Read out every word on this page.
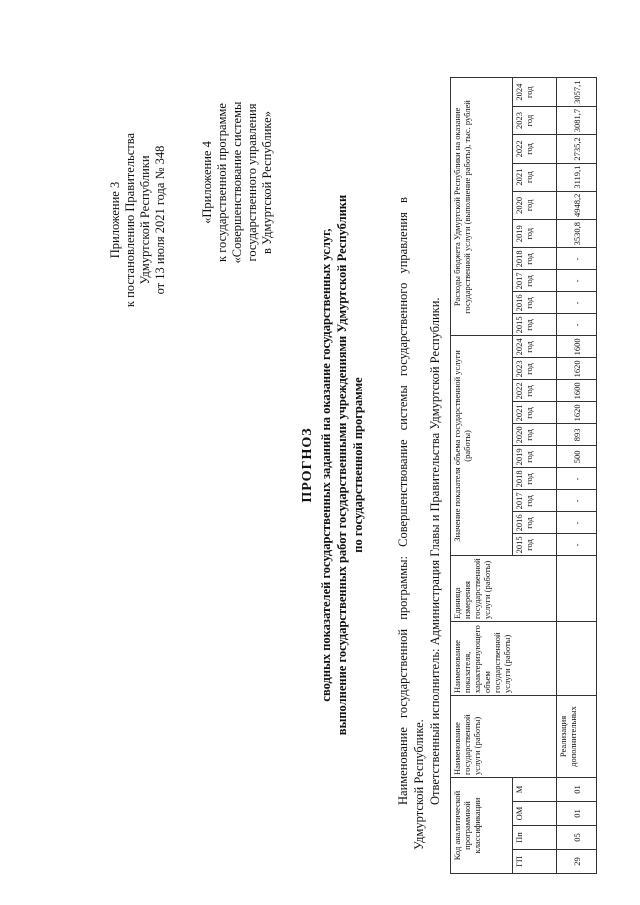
Приложение 3 к постановлению Правительства Удмуртской Республики от 13 июля 2021 года № 348	«Приложение 4 к государственной программе «Совершенствование системы государственного управления в Удмуртской Республике»
ПРОГНОЗ сводных показателей государственных заданий на оказание государственных услуг, выполнение государственных работ государственными учреждениями Удмуртской Республики по государственной программе Наименование государственной программы: Совершенствование системы государственного управления в Удмуртской Республике. Ответственный исполнитель: Администрация Главы и Правительства Удмуртской Республики.

Код аналитической программной классификации				Наименование государственной услуги (работы)	Наименование показателя, характеризующего объем государственной услуги (работы)	Единица измерения государственной услуги (работы)	Значение показателя объема государственной услуги (работы)										Расходы бюджета Удмуртской Республики на оказание государственной услуги (выполнение работы), тыс. рублей									
ГП	Пп	ОМ	М				2015 год	2016 год	2017 год	2018 год	2019 год	2020 год	2021 год	2022 год	2023 год	2024 год	2015 год	2016 год	2017 год	2018 год	2019 год	2020 год	2021 год	2022 год	2023 год	2024 год
29	05	01	01	Реализация дополнительных			-	-	-	-	500	893	1620	1600	1620	1600	-	-	-	-	3530,8	4948,2	3119,1	2735,2	3081,7	3057,1
